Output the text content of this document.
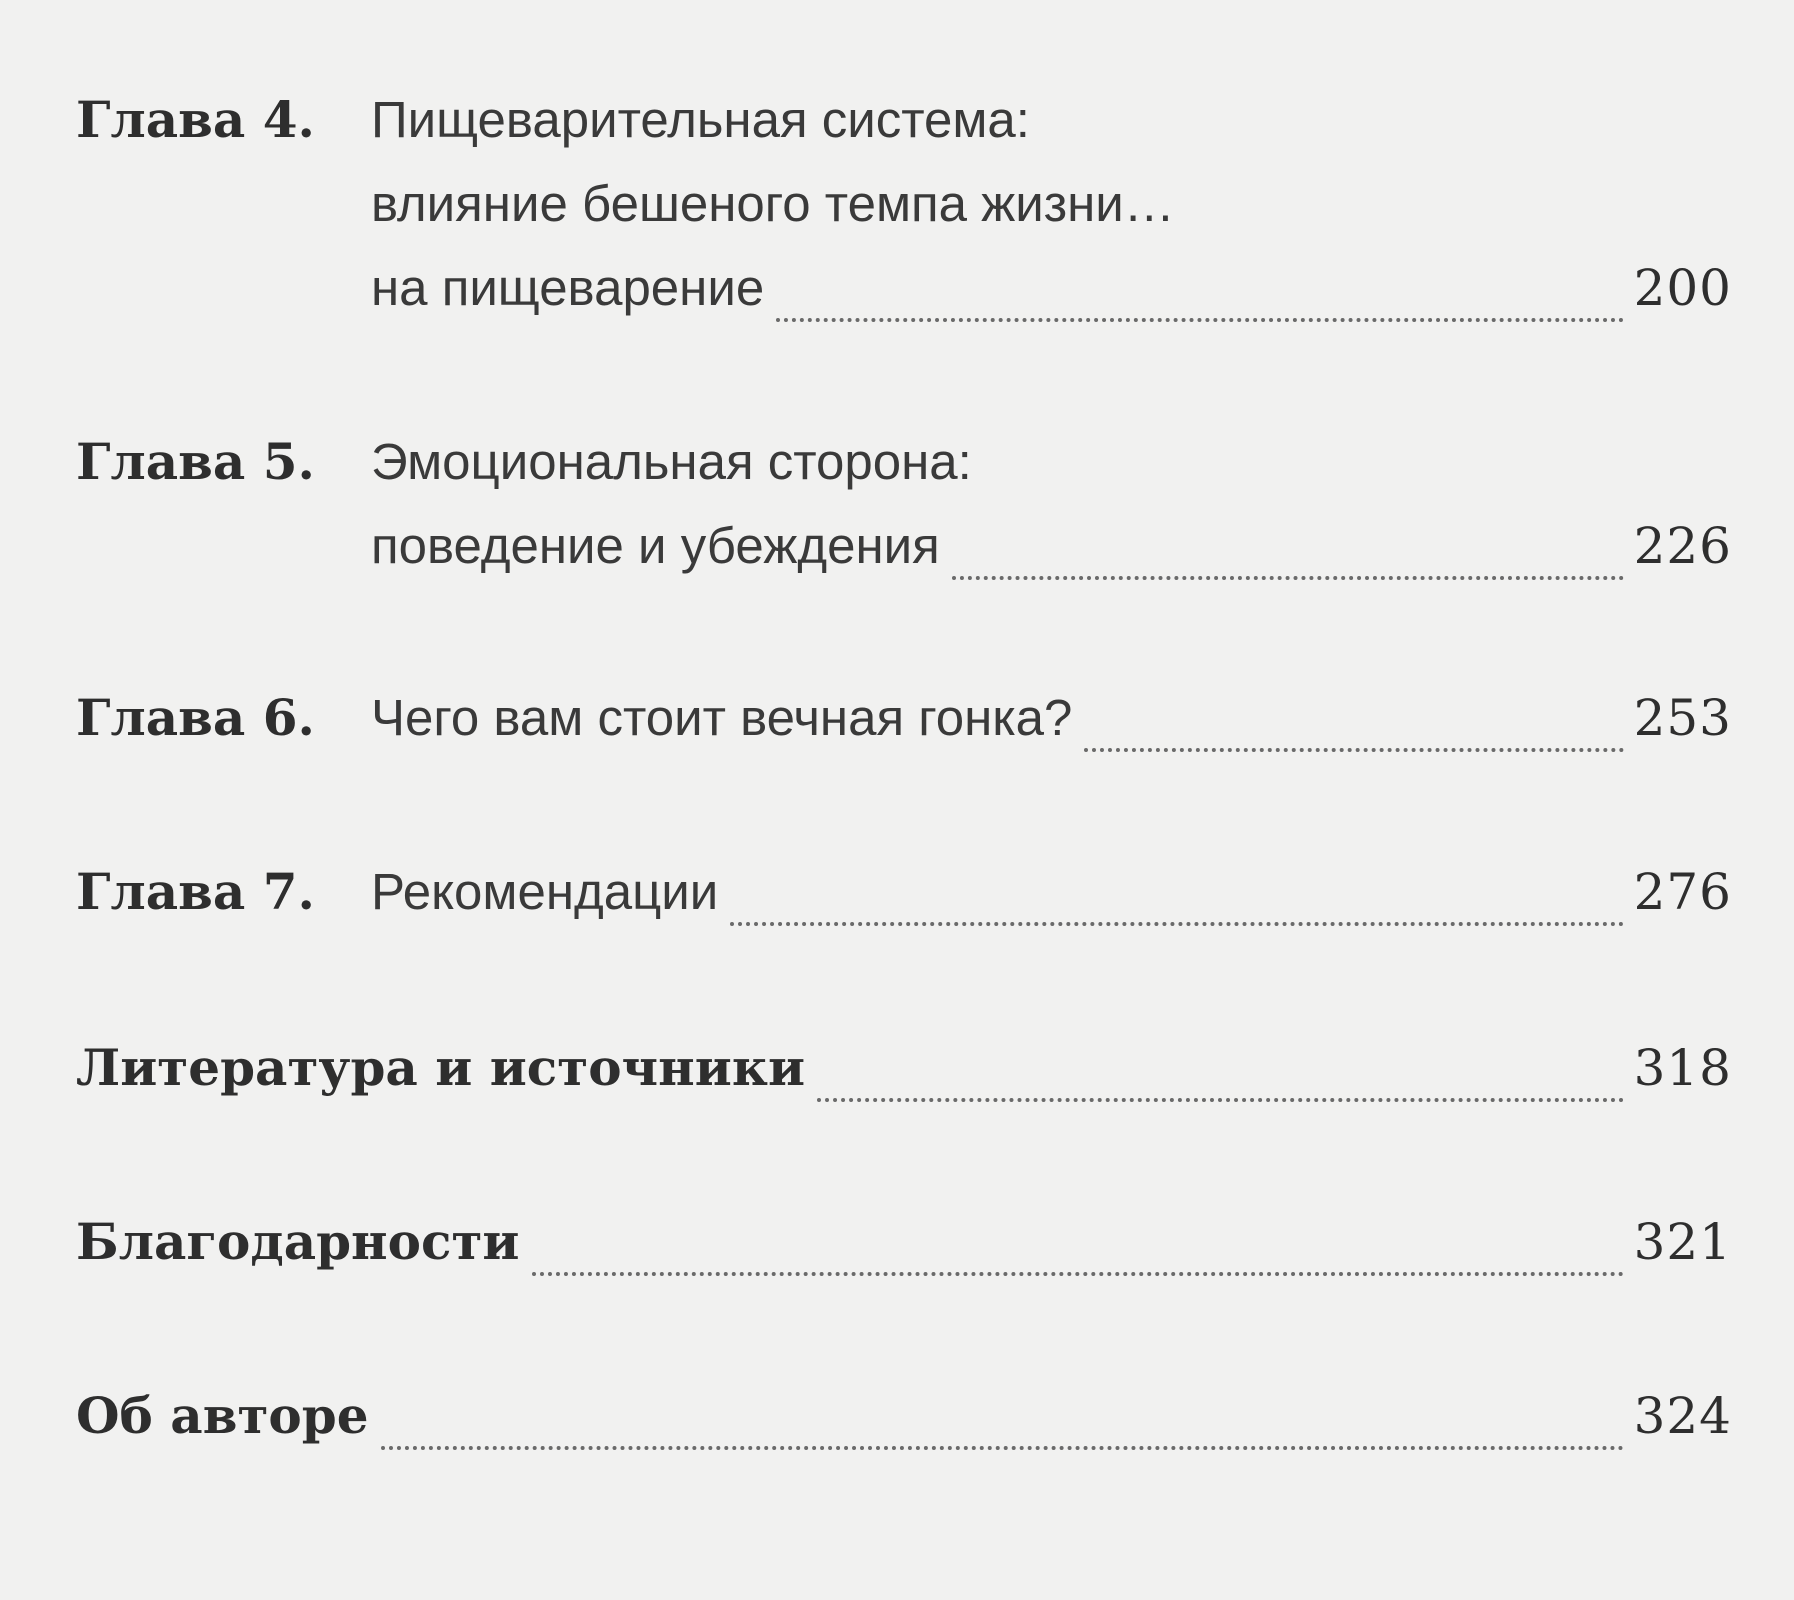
Глава 4.	Пищеварительная система:
влияние бешеного темпа жизни…
на пищеварение	200
Глава 5.	Эмоциональная сторона:
поведение и убеждения	226
Глава 6.	Чего вам стоит вечная гонка?	253
Глава 7.	Рекомендации	276
Литература и источники	318
Благодарности	321
Об авторе	324
